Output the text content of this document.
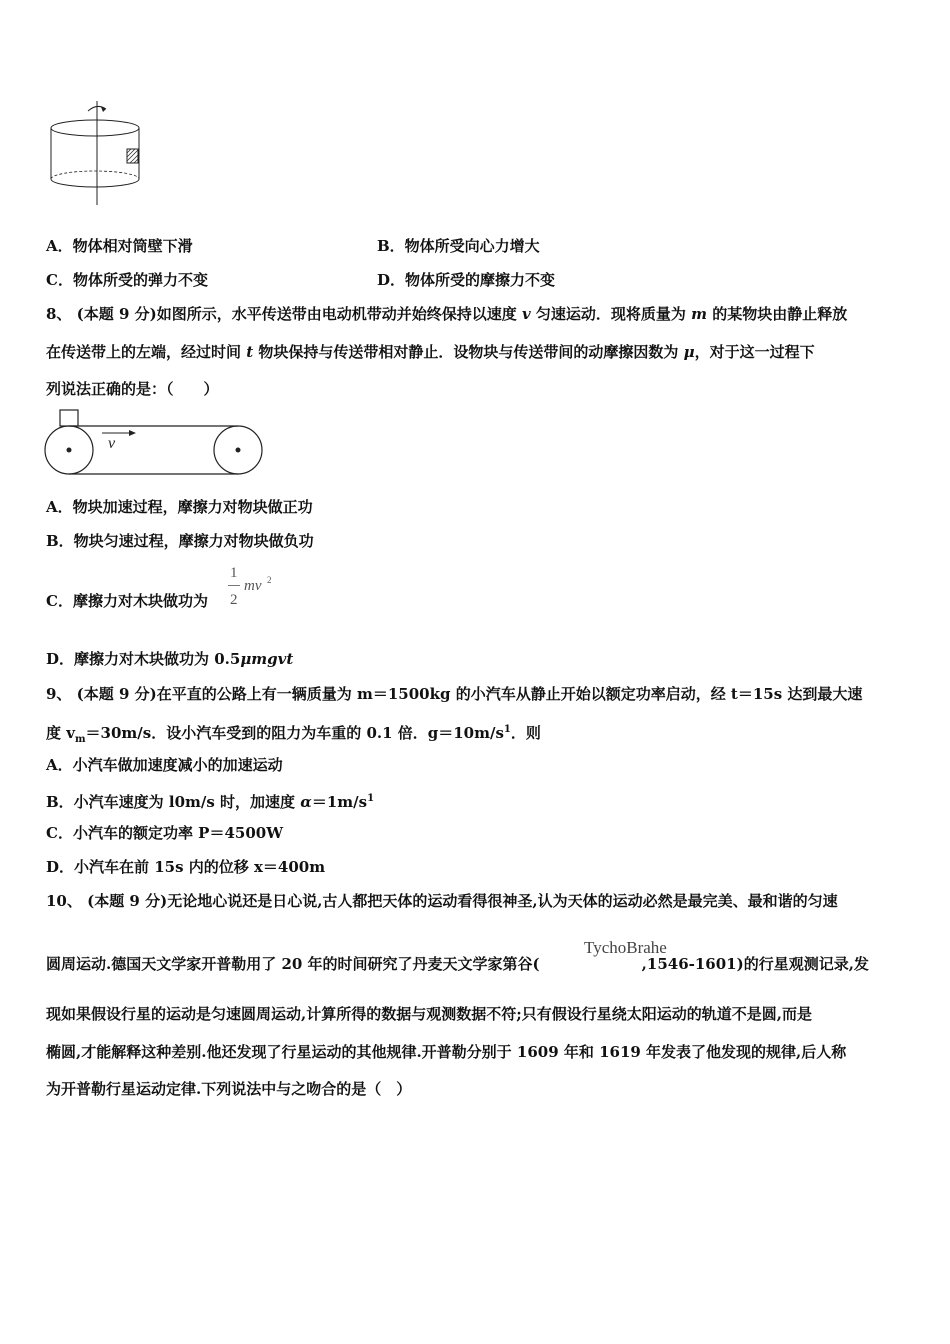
A．物体相对筒壁下滑	B．物体所受向心力增大
C．物体所受的弹力不变	D．物体所受的摩擦力不变
8、 (本题 9 分)如图所示，水平传送带由电动机带动并始终保持以速度 v 匀速运动．现将质量为 m 的某物块由静止释放
在传送带上的左端，经过时间 t 物块保持与传送带相对静止．设物块与传送带间的动摩擦因数为 μ，对于这一过程下
列说法正确的是：（　　）
v
A．物块加速过程，摩擦力对物块做正功
B．物块匀速过程，摩擦力对物块做负功
C．摩擦力对木块做功为
1
2
mv 2
D．摩擦力对木块做功为 0.5μmgvt
9、 (本题 9 分)在平直的公路上有一辆质量为 m＝1500kg 的小汽车从静止开始以额定功率启动，经 t＝15s 达到最大速
度 $v_m=30m/s$．设小汽车受到的阻力为车重的 0.1 倍．$g=10m/s^1$．则
A．小汽车做加速度减小的加速运动
B．小汽车速度为 l0m/s 时，加速度 $\alpha=1m/s^1$
C．小汽车的额定功率 P＝4500W
D．小汽车在前 15s 内的位移 x＝400m
10、 (本题 9 分)无论地心说还是日心说,古人都把天体的运动看得很神圣,认为天体的运动必然是最完美、最和谐的匀速
圆周运动.德国天文学家开普勒用了 20 年的时间研究了丹麦天文学家第谷(	,1546-1601)的行星观测记录,发
TychoBrahe
现如果假设行星的运动是匀速圆周运动,计算所得的数据与观测数据不符;只有假设行星绕太阳运动的轨道不是圆,而是
椭圆,才能解释这种差别.他还发现了行星运动的其他规律.开普勒分别于 1609 年和 1619 年发表了他发现的规律,后人称
为开普勒行星运动定律.下列说法中与之吻合的是（　）
